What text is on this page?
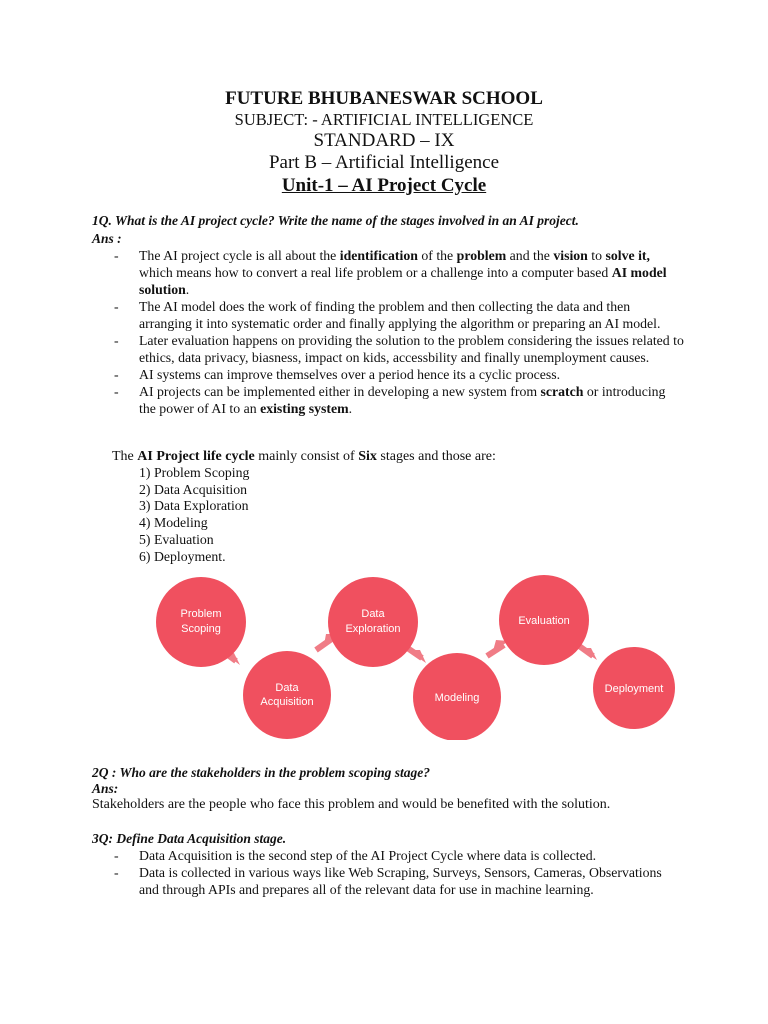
FUTURE BHUBANESWAR SCHOOL
SUBJECT: - ARTIFICIAL INTELLIGENCE
STANDARD – IX
Part B – Artificial Intelligence
Unit-1 – AI Project Cycle
1Q. What is the AI project cycle? Write the name of the stages involved in an AI project.
Ans :
- The AI project cycle is all about the identification of the problem and the vision to solve it, which means how to convert a real life problem or a challenge into a computer based AI model solution.
- The AI model does the work of finding the problem and then collecting the data and then arranging it into systematic order and finally applying the algorithm or preparing an AI model.
- Later evaluation happens on providing the solution to the problem considering the issues related to ethics, data privacy, biasness, impact on kids, accessbility and finally unemployment causes.
- AI systems can improve themselves over a period hence its a cyclic process.
- AI projects can be implemented either in developing a new system from scratch or introducing the power of AI to an existing system.
The AI Project life cycle mainly consist of Six stages and those are:
1) Problem Scoping
2) Data Acquisition
3) Data Exploration
4) Modeling
5) Evaluation
6) Deployment.
Problem
Scoping
Data
Acquisition
Data
Exploration
Modeling
Evaluation
Deployment
2Q : Who are the stakeholders in the problem scoping stage?
Ans:
Stakeholders are the people who face this problem and would be benefited with the solution.
3Q: Define Data Acquisition stage.
- Data Acquisition is the second step of the AI Project Cycle where data is collected.
- Data is collected in various ways like Web Scraping, Surveys, Sensors, Cameras, Observations and through APIs and prepares all of the relevant data for use in machine learning.
